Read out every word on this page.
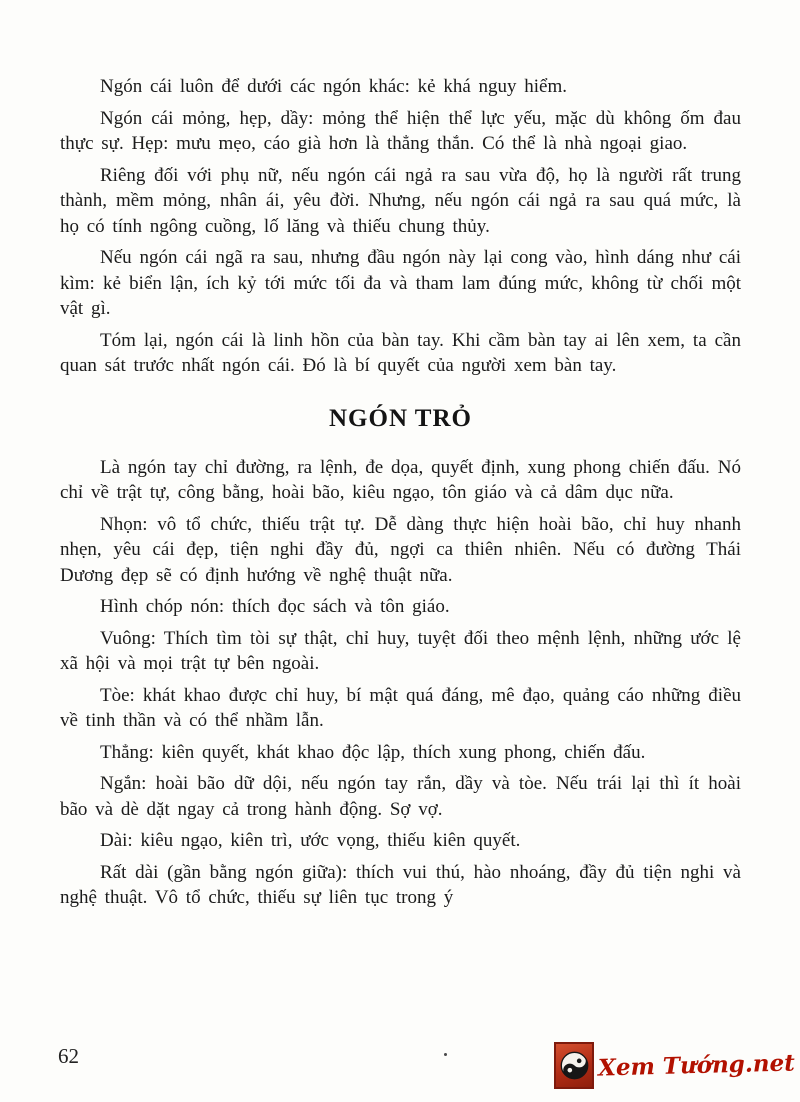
Ngón cái luôn để dưới các ngón khác: kẻ khá nguy hiểm.

Ngón cái mỏng, hẹp, dầy: mỏng thể hiện thể lực yếu, mặc dù không ốm đau thực sự. Hẹp: mưu mẹo, cáo già hơn là thẳng thắn. Có thể là nhà ngoại giao.

Riêng đối với phụ nữ, nếu ngón cái ngả ra sau vừa độ, họ là người rất trung thành, mềm mỏng, nhân ái, yêu đời. Nhưng, nếu ngón cái ngả ra sau quá mức, là họ có tính ngông cuồng, lố lăng và thiếu chung thủy.

Nếu ngón cái ngã ra sau, nhưng đầu ngón này lại cong vào, hình dáng như cái kìm: kẻ biển lận, ích kỷ tới mức tối đa và tham lam đúng mức, không từ chối một vật gì.

Tóm lại, ngón cái là linh hồn của bàn tay. Khi cầm bàn tay ai lên xem, ta cần quan sát trước nhất ngón cái. Đó là bí quyết của người xem bàn tay.

NGÓN TRỎ

Là ngón tay chỉ đường, ra lệnh, đe dọa, quyết định, xung phong chiến đấu. Nó chỉ về trật tự, công bằng, hoài bão, kiêu ngạo, tôn giáo và cả dâm dục nữa.

Nhọn: vô tổ chức, thiếu trật tự. Dễ dàng thực hiện hoài bão, chỉ huy nhanh nhẹn, yêu cái đẹp, tiện nghi đầy đủ, ngợi ca thiên nhiên. Nếu có đường Thái Dương đẹp sẽ có định hướng về nghệ thuật nữa.

Hình chóp nón: thích đọc sách và tôn giáo.

Vuông: Thích tìm tòi sự thật, chỉ huy, tuyệt đối theo mệnh lệnh, những ước lệ xã hội và mọi trật tự bên ngoài.

Tòe: khát khao được chỉ huy, bí mật quá đáng, mê đạo, quảng cáo những điều về tinh thần và có thể nhầm lẫn.

Thẳng: kiên quyết, khát khao độc lập, thích xung phong, chiến đấu.

Ngắn: hoài bão dữ dội, nếu ngón tay rắn, dầy và tòe. Nếu trái lại thì ít hoài bão và dè dặt ngay cả trong hành động. Sợ vợ.

Dài: kiêu ngạo, kiên trì, ước vọng, thiếu kiên quyết.

Rất dài (gần bằng ngón giữa): thích vui thú, hào nhoáng, đầy đủ tiện nghi và nghệ thuật. Vô tổ chức, thiếu sự liên tục trong ý

62	Xem Tướng.net
